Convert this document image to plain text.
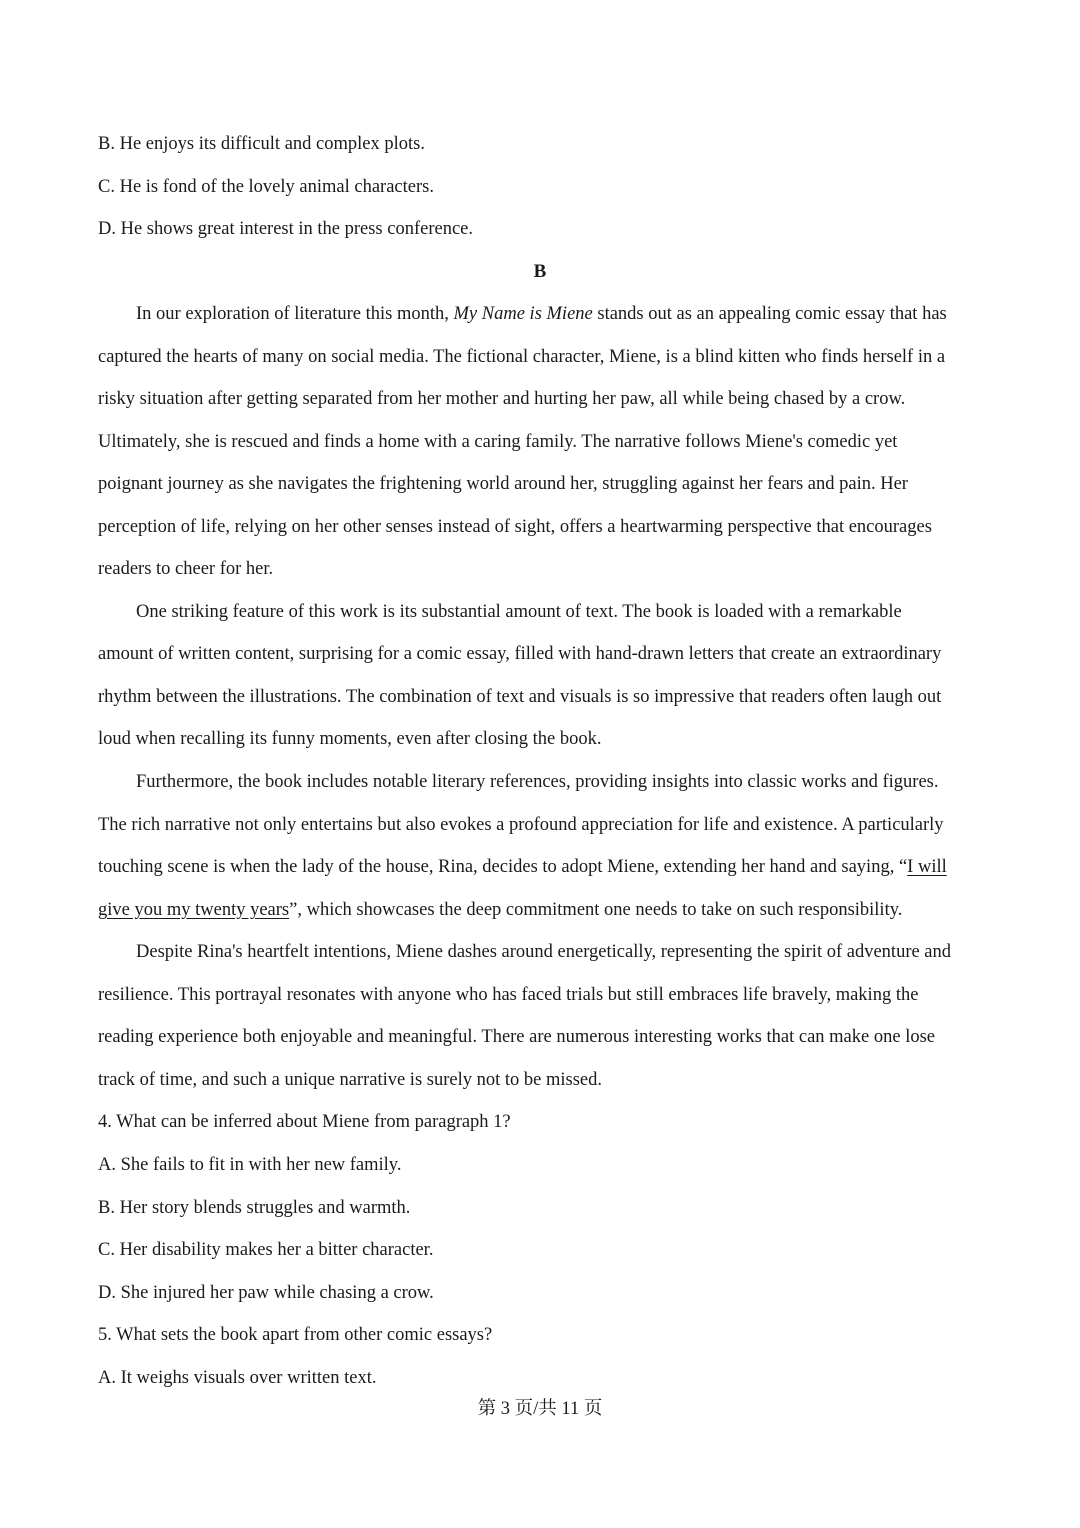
B. He enjoys its difficult and complex plots.
C. He is fond of the lovely animal characters.
D. He shows great interest in the press conference.
B
In our exploration of literature this month, My Name is Miene stands out as an appealing comic essay that has
captured the hearts of many on social media. The fictional character, Miene, is a blind kitten who finds herself in a
risky situation after getting separated from her mother and hurting her paw, all while being chased by a crow.
Ultimately, she is rescued and finds a home with a caring family. The narrative follows Miene's comedic yet
poignant journey as she navigates the frightening world around her, struggling against her fears and pain. Her
perception of life, relying on her other senses instead of sight, offers a heartwarming perspective that encourages
readers to cheer for her.
One striking feature of this work is its substantial amount of text. The book is loaded with a remarkable
amount of written content, surprising for a comic essay, filled with hand-drawn letters that create an extraordinary
rhythm between the illustrations. The combination of text and visuals is so impressive that readers often laugh out
loud when recalling its funny moments, even after closing the book.
Furthermore, the book includes notable literary references, providing insights into classic works and figures.
The rich narrative not only entertains but also evokes a profound appreciation for life and existence. A particularly
touching scene is when the lady of the house, Rina, decides to adopt Miene, extending her hand and saying, “I will
give you my twenty years”, which showcases the deep commitment one needs to take on such responsibility.
Despite Rina's heartfelt intentions, Miene dashes around energetically, representing the spirit of adventure and
resilience. This portrayal resonates with anyone who has faced trials but still embraces life bravely, making the
reading experience both enjoyable and meaningful. There are numerous interesting works that can make one lose
track of time, and such a unique narrative is surely not to be missed.
4. What can be inferred about Miene from paragraph 1?
A. She fails to fit in with her new family.
B. Her story blends struggles and warmth.
C. Her disability makes her a bitter character.
D. She injured her paw while chasing a crow.
5. What sets the book apart from other comic essays?
A. It weighs visuals over written text.
第 3 页/共 11 页
